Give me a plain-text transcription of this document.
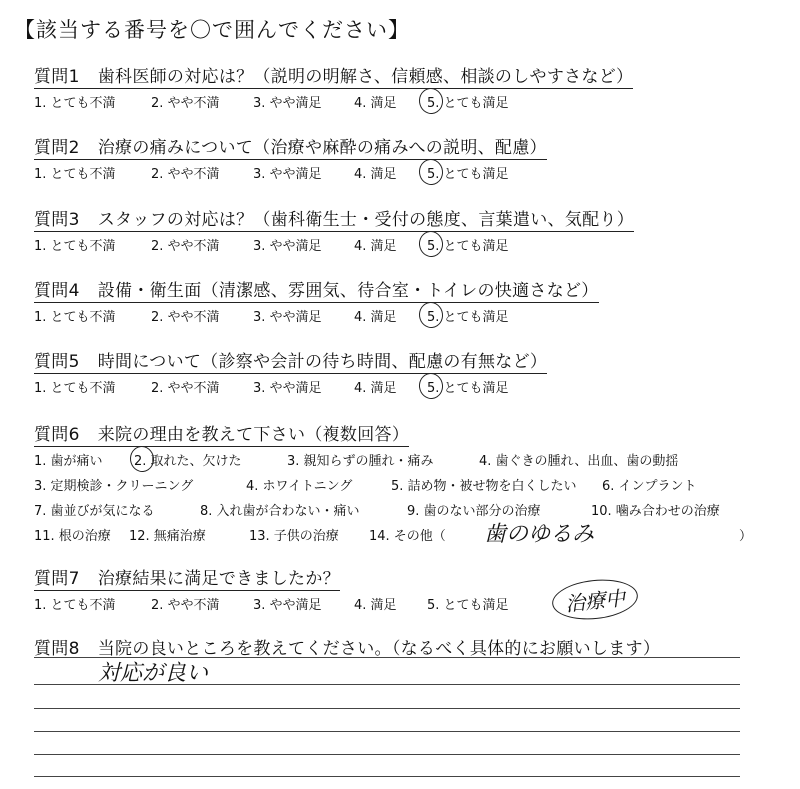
【該当する番号を〇で囲んでください】
質問1 歯科医師の対応は？（説明の明解さ、信頼感、相談のしやすさなど）
1. とても不満	2. やや不満	3. やや満足 4. 満足 5. とても満足
質問2 治療の痛みについて（治療や麻酔の痛みへの説明、配慮）
1. とても不満	2. やや不満	3. やや満足 4. 満足 5. とても満足
質問3 スタッフの対応は？（歯科衛生士・受付の態度、言葉遣い、気配り）
1. とても不満	2. やや不満	3. やや満足 4. 満足 5. とても満足
質問4 設備・衛生面（清潔感、雰囲気、待合室・トイレの快適さなど）
1. とても不満	2. やや不満	3. やや満足 4. 満足 5. とても満足
質問5 時間について（診察や会計の待ち時間、配慮の有無など）
1. とても不満	2. やや不満	3. やや満足 4. 満足 5. とても満足
質問6 来院の理由を教えて下さい（複数回答）
1. 歯が痛い 2. 取れた、欠けた	3. 親知らずの腫れ・痛み	4. 歯ぐきの腫れ、出血、歯の動揺
3. 定期検診・クリーニング	4. ホワイトニング	5. 詰め物・被せ物を白くしたい 6. インプラント
7. 歯並びが気になる	8. 入れ歯が合わない・痛い	9. 歯のない部分の治療	10. 噛み合わせの治療
11. 根の治療 12. 無痛治療	13. 子供の治療 14. その他（ 歯のゆるみ	）
質問7 治療結果に満足できましたか？
1. とても不満	2. やや不満	3. やや満足 4. 満足 5. とても満足	治療中
質問8 当院の良いところを教えてください。（なるべく具体的にお願いします）
対応が良い
